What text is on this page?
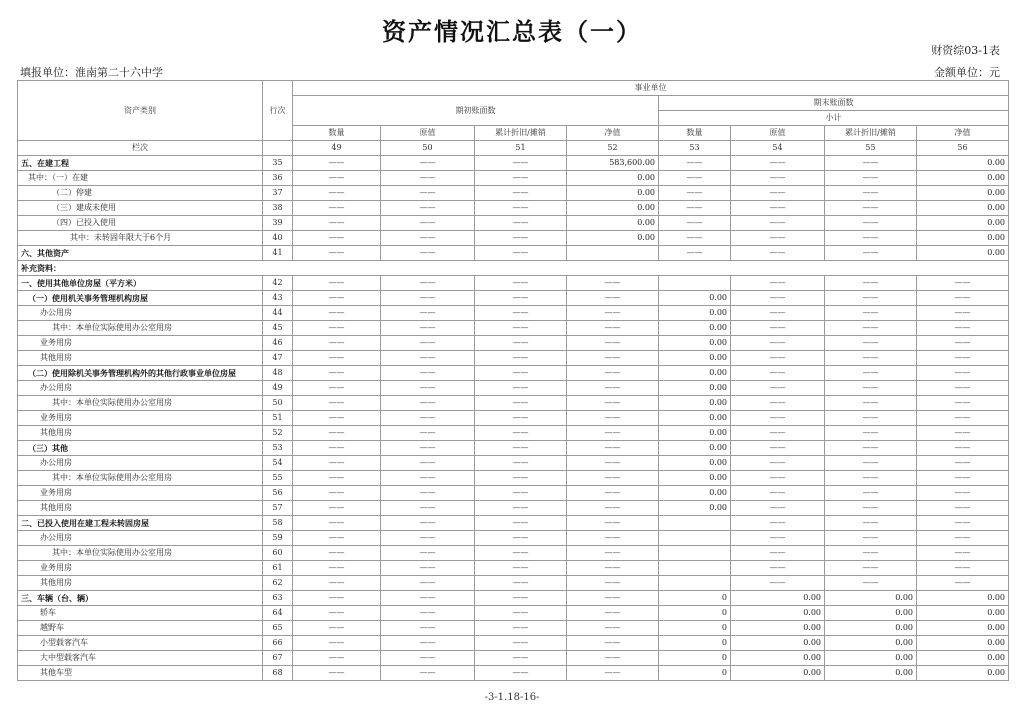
资产情况汇总表（一）
财资综03-1表
填报单位：淮南第二十六中学	金额单位：元
资产类别	行次	事业单位							
		期初账面数				期末账面数			
						小计			
		数量	原值	累计折旧/摊销	净值	数量	原值	累计折旧/摊销	净值
栏次		49	50	51	52	53	54	55	56
五、在建工程	35	——	——	——	583,600.00	——	——	——	0.00
其中：（一）在建	36	——	——	——	0.00	——	——	——	0.00
（二）停建	37	——	——	——	0.00	——	——	——	0.00
（三）建成未使用	38	——	——	——	0.00	——	——	——	0.00
（四）已投入使用	39	——	——	——	0.00	——	——	——	0.00
其中：未转固年限大于6个月	40	——	——	——	0.00	——	——	——	0.00
六、其他资产	41	——	——	——		——	——	——	0.00
补充资料：									
一、使用其他单位房屋（平方米）	42	——	——	——	——		——	——	——
（一）使用机关事务管理机构房屋	43	——	——	——	——	0.00	——	——	——
办公用房	44	——	——	——	——	0.00	——	——	——
其中：本单位实际使用办公室用房	45	——	——	——	——	0.00	——	——	——
业务用房	46	——	——	——	——	0.00	——	——	——
其他用房	47	——	——	——	——	0.00	——	——	——
（二）使用除机关事务管理机构外的其他行政事业单位房屋	48	——	——	——	——	0.00	——	——	——
办公用房	49	——	——	——	——	0.00	——	——	——
其中：本单位实际使用办公室用房	50	——	——	——	——	0.00	——	——	——
业务用房	51	——	——	——	——	0.00	——	——	——
其他用房	52	——	——	——	——	0.00	——	——	——
（三）其他	53	——	——	——	——	0.00	——	——	——
办公用房	54	——	——	——	——	0.00	——	——	——
其中：本单位实际使用办公室用房	55	——	——	——	——	0.00	——	——	——
业务用房	56	——	——	——	——	0.00	——	——	——
其他用房	57	——	——	——	——	0.00	——	——	——
二、已投入使用在建工程未转固房屋	58	——	——	——	——		——	——	——
办公用房	59	——	——	——	——		——	——	——
其中：本单位实际使用办公室用房	60	——	——	——	——		——	——	——
业务用房	61	——	——	——	——		——	——	——
其他用房	62	——	——	——	——		——	——	——
三、车辆（台、辆）	63	——	——	——	——	0	0.00	0.00	0.00
轿车	64	——	——	——	——	0	0.00	0.00	0.00
越野车	65	——	——	——	——	0	0.00	0.00	0.00
小型载客汽车	66	——	——	——	——	0	0.00	0.00	0.00
大中型载客汽车	67	——	——	——	——	0	0.00	0.00	0.00
其他车型	68	——	——	——	——	0	0.00	0.00	0.00
-3-1.18-16-
